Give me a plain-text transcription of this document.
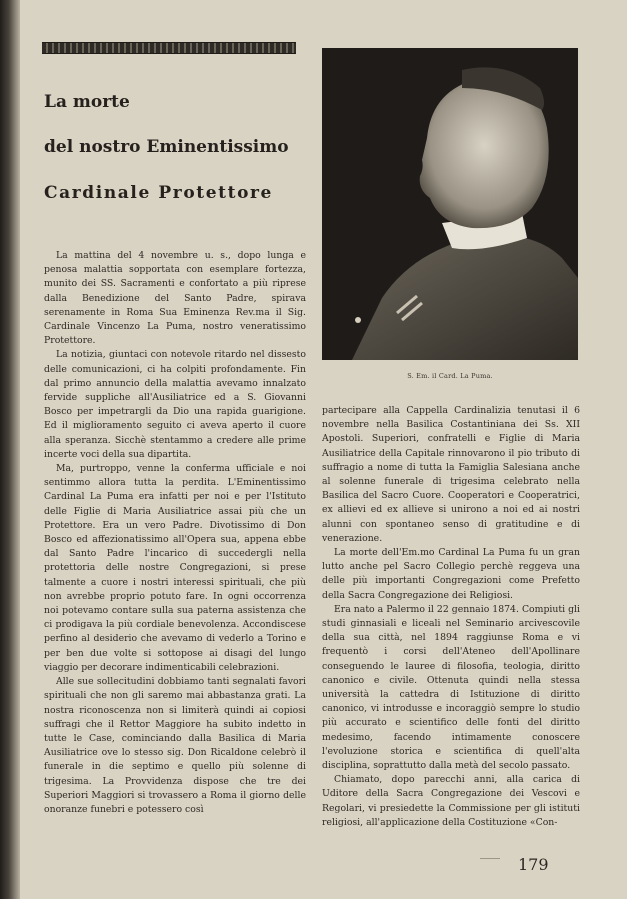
La morte
del nostro Eminentissimo
Cardinale Protettore
S. Em. il Card. La Puma.

La mattina del 4 novembre u. s., dopo lunga e penosa malattia sopportata con esemplare fortezza, munito dei SS. Sacramenti e confortato a più riprese dalla Benedizione del Santo Padre, spirava serenamente in Roma Sua Eminenza Rev.ma il Sig. Cardinale Vincenzo La Puma, nostro veneratissimo Protettore.

La notizia, giuntaci con notevole ritardo nel dissesto delle comunicazioni, ci ha colpiti profondamente. Fin dal primo annuncio della malattia avevamo innalzato fervide suppliche all'Ausiliatrice ed a S. Giovanni Bosco per impetrargli da Dio una rapida guarigione. Ed il miglioramento seguito ci aveva aperto il cuore alla speranza. Sicchè stentammo a credere alle prime incerte voci della sua dipartita.

Ma, purtroppo, venne la conferma ufficiale e noi sentimmo allora tutta la perdita. L'Eminentissimo Cardinal La Puma era infatti per noi e per l'Istituto delle Figlie di Maria Ausiliatrice assai più che un Protettore. Era un vero Padre. Divotissimo di Don Bosco ed affezionatissimo all'Opera sua, appena ebbe dal Santo Padre l'incarico di succedergli nella protettoria delle nostre Congregazioni, si prese talmente a cuore i nostri interessi spirituali, che più non avrebbe proprio potuto fare. In ogni occorrenza noi potevamo contare sulla sua paterna assistenza che ci prodigava la più cordiale benevolenza. Accondiscese perfino al desiderio che avevamo di vederlo a Torino e per ben due volte si sottopose ai disagi del lungo viaggio per decorare indimenticabili celebrazioni.

Alle sue sollecitudini dobbiamo tanti segnalati favori spirituali che non gli saremo mai abbastanza grati. La nostra riconoscenza non si limiterà quindi ai copiosi suffragi che il Rettor Maggiore ha subito indetto in tutte le Case, cominciando dalla Basilica di Maria Ausiliatrice ove lo stesso sig. Don Ricaldone celebrò il funerale in die septimo e quello più solenne di trigesima. La Provvidenza dispose che tre dei Superiori Maggiori si trovassero a Roma il giorno delle onoranze funebri e potessero così

partecipare alla Cappella Cardinalizia tenutasi il 6 novembre nella Basilica Costantiniana dei Ss. XII Apostoli. Superiori, confratelli e Figlie di Maria Ausiliatrice della Capitale rinnovarono il pio tributo di suffragio a nome di tutta la Famiglia Salesiana anche al solenne funerale di trigesima celebrato nella Basilica del Sacro Cuore. Cooperatori e Cooperatrici, ex allievi ed ex allieve si unirono a noi ed ai nostri alunni con spontaneo senso di gratitudine e di venerazione.

La morte dell'Em.mo Cardinal La Puma fu un gran lutto anche pel Sacro Collegio perchè reggeva una delle più importanti Congregazioni come Prefetto della Sacra Congregazione dei Religiosi.

Era nato a Palermo il 22 gennaio 1874. Compiuti gli studi ginnasiali e liceali nel Seminario arcivescovile della sua città, nel 1894 raggiunse Roma e vi frequentò i corsi dell'Ateneo dell'Apollinare conseguendo le lauree di filosofia, teologia, diritto canonico e civile. Ottenuta quindi nella stessa università la cattedra di Istituzione di diritto canonico, vi introdusse e incoraggiò sempre lo studio più accurato e scientifico delle fonti del diritto medesimo, facendo intimamente conoscere l'evoluzione storica e scientifica di quell'alta disciplina, soprattutto dalla metà del secolo passato.

Chiamato, dopo parecchi anni, alla carica di Uditore della Sacra Congregazione dei Vescovi e Regolari, vi presiedette la Commissione per gli istituti religiosi, all'applicazione della Costituzione «Con-

179
